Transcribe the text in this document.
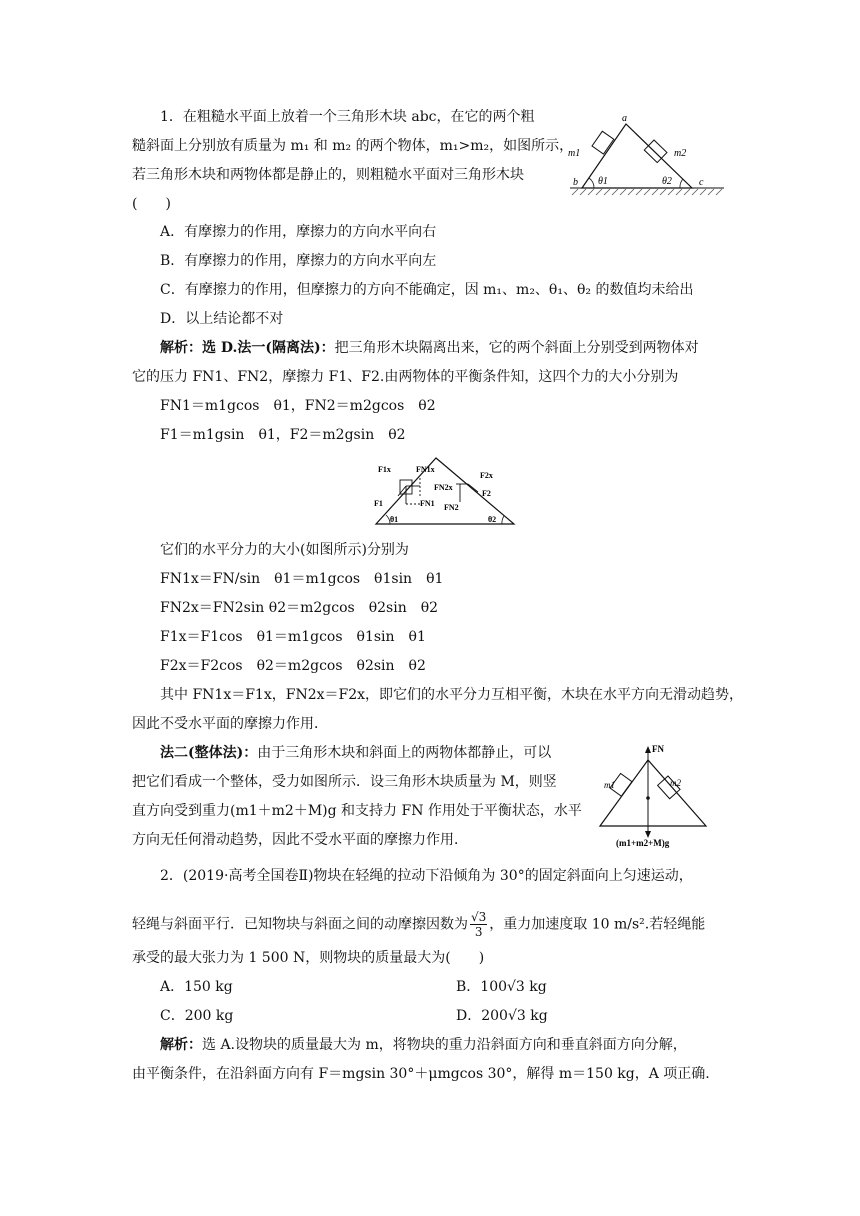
1．在粗糙水平面上放着一个三角形木块 abc，在它的两个粗
糙斜面上分别放有质量为 m₁ 和 m₂ 的两个物体，m₁>m₂，如图所示，
若三角形木块和两物体都是静止的，则粗糙水平面对三角形木块
(　　)
a
b	c
m1	m2
θ1	θ2
A．有摩擦力的作用，摩擦力的方向水平向右
B．有摩擦力的作用，摩擦力的方向水平向左
C．有摩擦力的作用，但摩擦力的方向不能确定，因 m₁、m₂、θ₁、θ₂ 的数值均未给出
D．以上结论都不对
解析：选 D.法一(隔离法)：把三角形木块隔离出来，它的两个斜面上分别受到两物体对
它的压力 FN1、FN2，摩擦力 F1、F2.由两物体的平衡条件知，这四个力的大小分别为
FN1＝m1gcos　θ1，FN2＝m2gcos　θ2
F1＝m1gsin　θ1，F2＝m2gsin　θ2
F1x	FN1x
F2x
FN2x
F1
F2
FN1 FN2
θ1	θ2
它们的水平分力的大小(如图所示)分别为
FN1x＝FN/sin　θ1＝m1gcos　θ1sin　θ1
FN2x＝FN2sin θ2＝m2gcos　θ2sin　θ2
F1x＝F1cos　θ1＝m1gcos　θ1sin　θ1
F2x＝F2cos　θ2＝m2gcos　θ2sin　θ2
其中 FN1x＝F1x，FN2x＝F2x，即它们的水平分力互相平衡，木块在水平方向无滑动趋势，
因此不受水平面的摩擦力作用．
法二(整体法)：由于三角形木块和斜面上的两物体都静止，可以
把它们看成一个整体，受力如图所示．设三角形木块质量为 M，则竖
直方向受到重力(m1＋m2＋M)g 和支持力 FN 作用处于平衡状态，水平
方向无任何滑动趋势，因此不受水平面的摩擦力作用．
FN
m1	m2
(m1+m2+M)g
2．(2019·高考全国卷Ⅱ)物块在轻绳的拉动下沿倾角为 30°的固定斜面向上匀速运动，
轻绳与斜面平行．已知物块与斜面之间的动摩擦因数为 $\frac{√3}{3}$ ，重力加速度取 10 m/s².若轻绳能
承受的最大张力为 1 500 N，则物块的质量最大为(　　)
A．150 kg	B．100√3 kg
C．200 kg	D．200√3 kg
解析：选 A.设物块的质量最大为 m，将物块的重力沿斜面方向和垂直斜面方向分解，
由平衡条件，在沿斜面方向有 F＝mgsin 30°＋μmgcos 30°，解得 m＝150 kg，A 项正确.
